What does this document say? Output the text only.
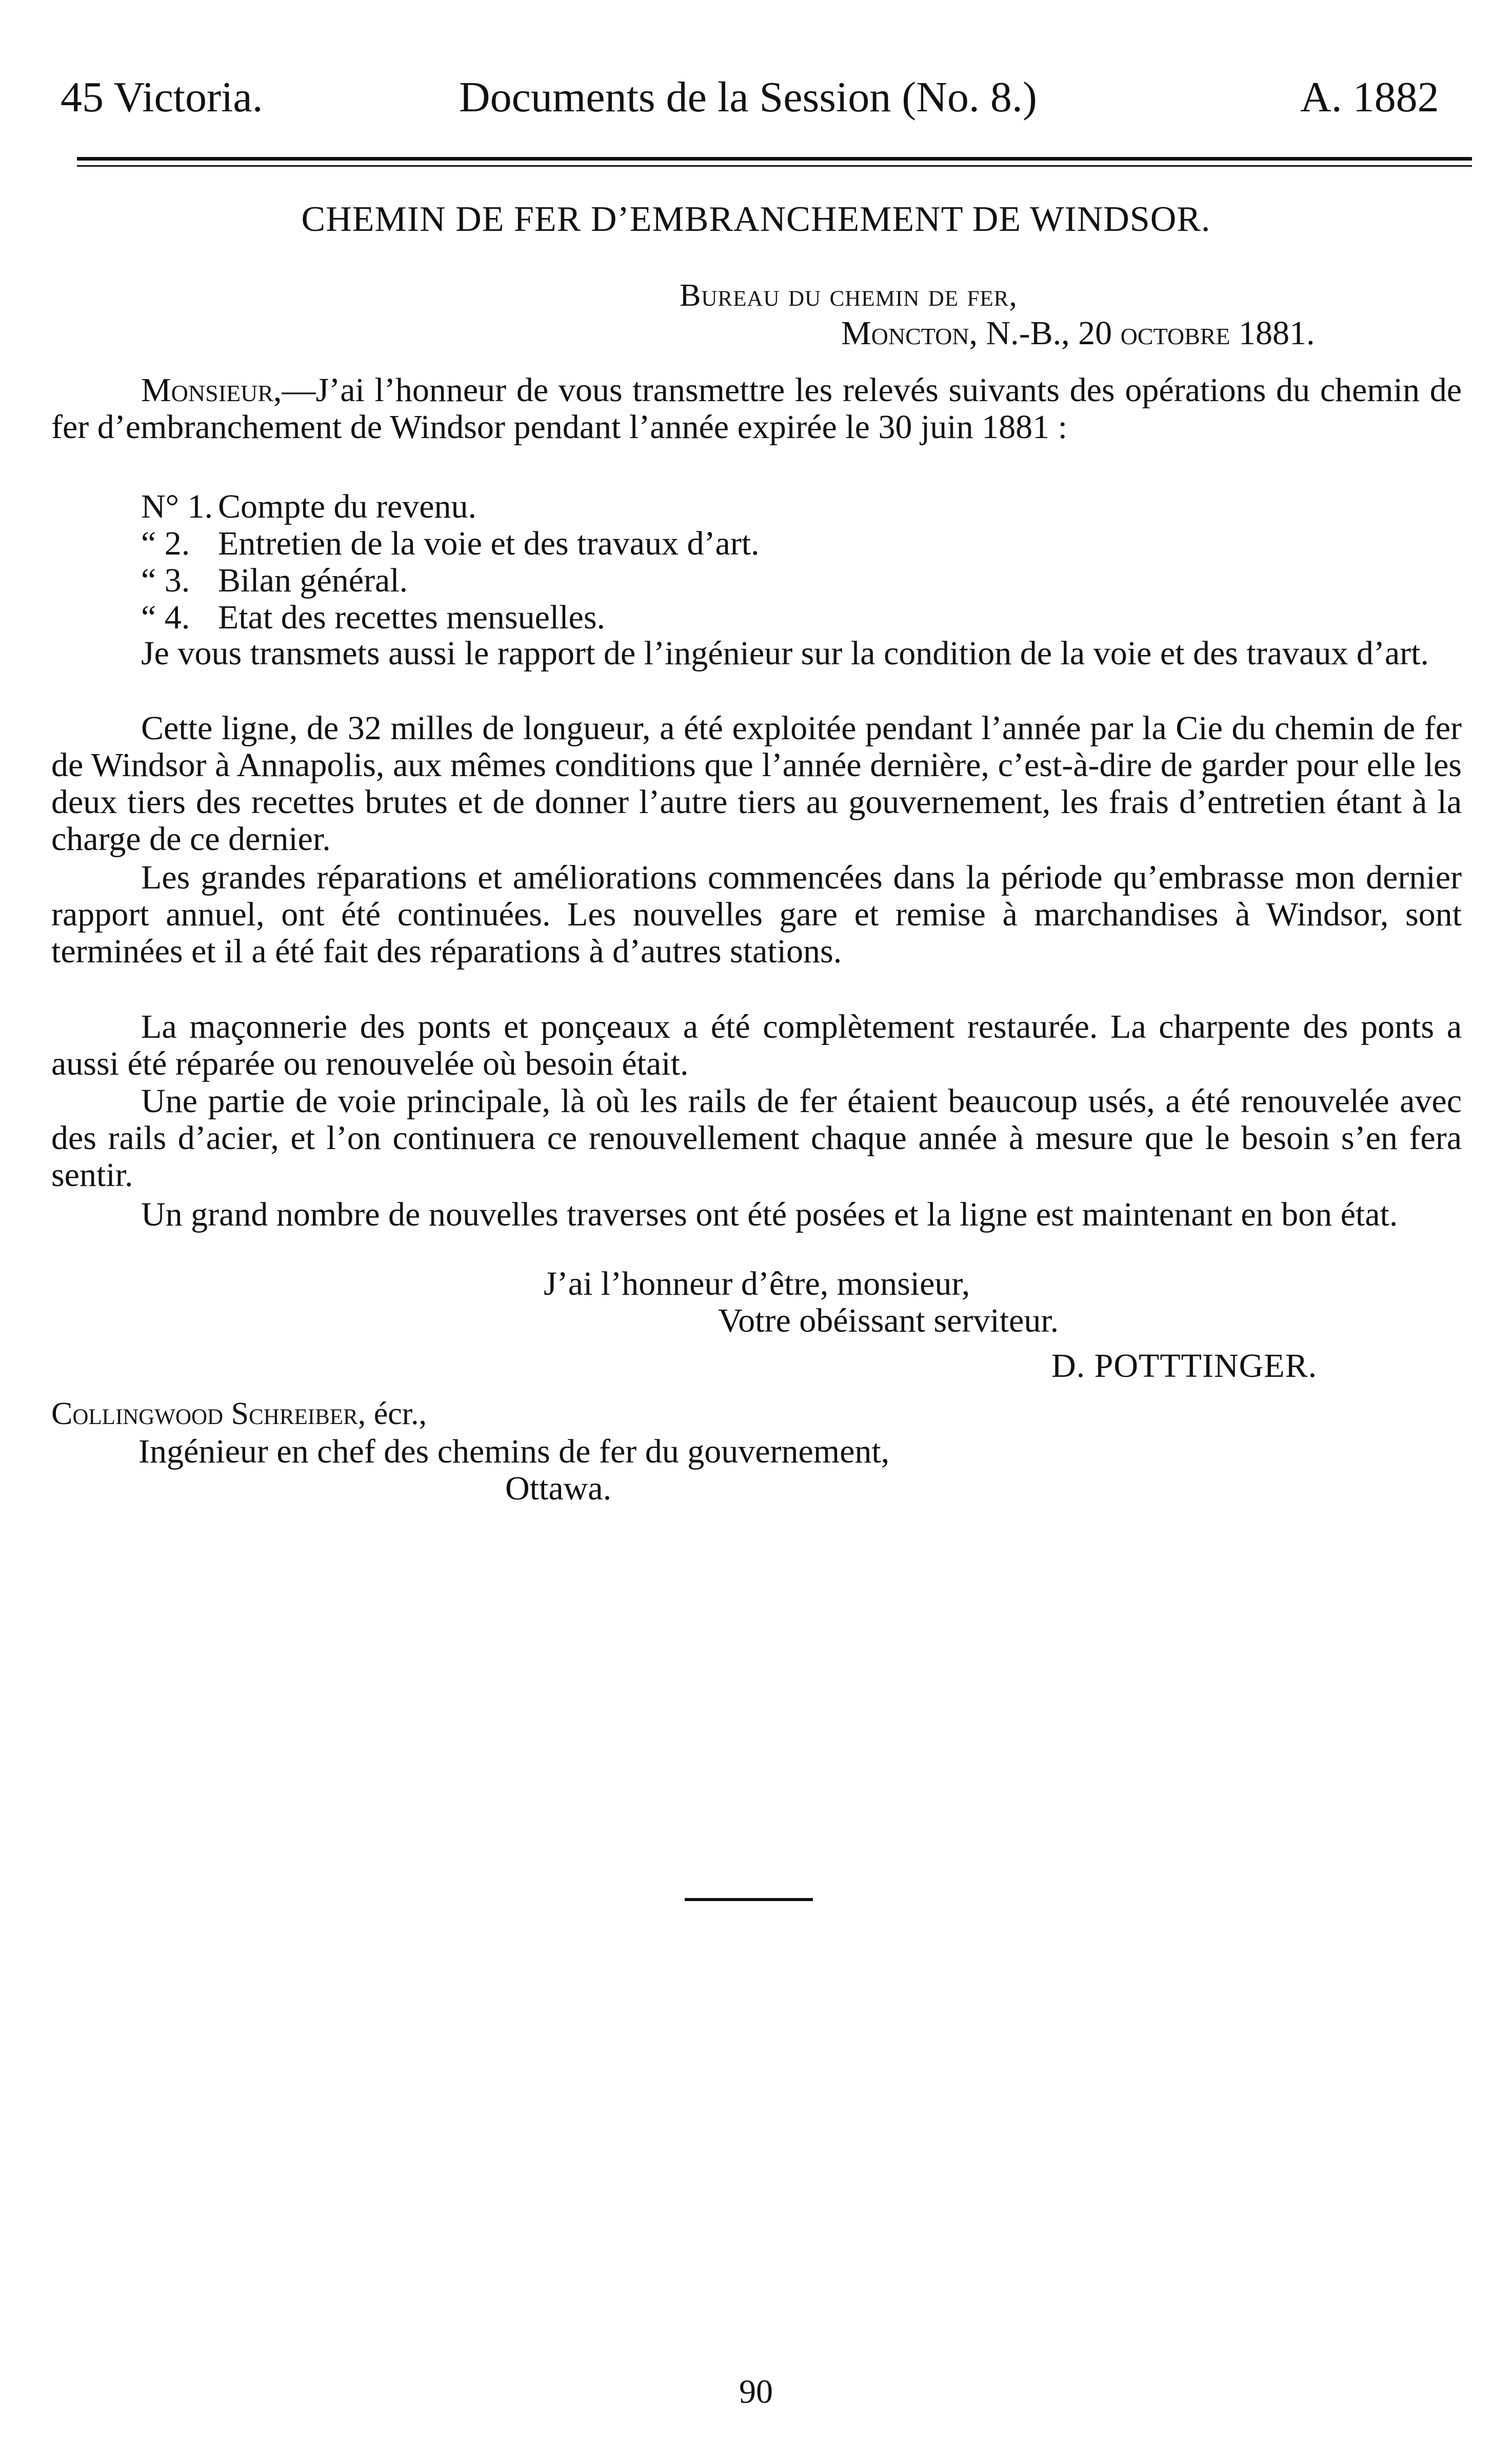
45 Victoria.	Documents de la Session (No. 8.)	A. 1882
CHEMIN DE FER D’EMBRANCHEMENT DE WINDSOR.
Bureau du chemin de fer,
Moncton, N.-B., 20 octobre 1881.
Monsieur,—J’ai l’honneur de vous transmettre les relevés suivants des opérations du chemin de fer d’embranchement de Windsor pendant l’année expirée le 30 juin 1881 :
N° 1. Compte du revenu.
“ 2. Entretien de la voie et des travaux d’art.
“ 3. Bilan général.
“ 4. Etat des recettes mensuelles.
Je vous transmets aussi le rapport de l’ingénieur sur la condition de la voie et des travaux d’art.
Cette ligne, de 32 milles de longueur, a été exploitée pendant l’année par la Cie du chemin de fer de Windsor à Annapolis, aux mêmes conditions que l’année dernière, c’est-à-dire de garder pour elle les deux tiers des recettes brutes et de donner l’autre tiers au gouvernement, les frais d’entretien étant à la charge de ce dernier.
Les grandes réparations et améliorations commencées dans la période qu’embrasse mon dernier rapport annuel, ont été continuées. Les nouvelles gare et remise à marchandises à Windsor, sont terminées et il a été fait des réparations à d’autres stations.
La maçonnerie des ponts et ponçeaux a été complètement restaurée. La charpente des ponts a aussi été réparée ou renouvelée où besoin était.
Une partie de voie principale, là où les rails de fer étaient beaucoup usés, a été renouvelée avec des rails d’acier, et l’on continuera ce renouvellement chaque année à mesure que le besoin s’en fera sentir.
Un grand nombre de nouvelles traverses ont été posées et la ligne est maintenant en bon état.
J’ai l’honneur d’être, monsieur,
Votre obéissant serviteur.
D. POTTTINGER.
Collingwood Schreiber, écr.,
Ingénieur en chef des chemins de fer du gouvernement,
Ottawa.
90
